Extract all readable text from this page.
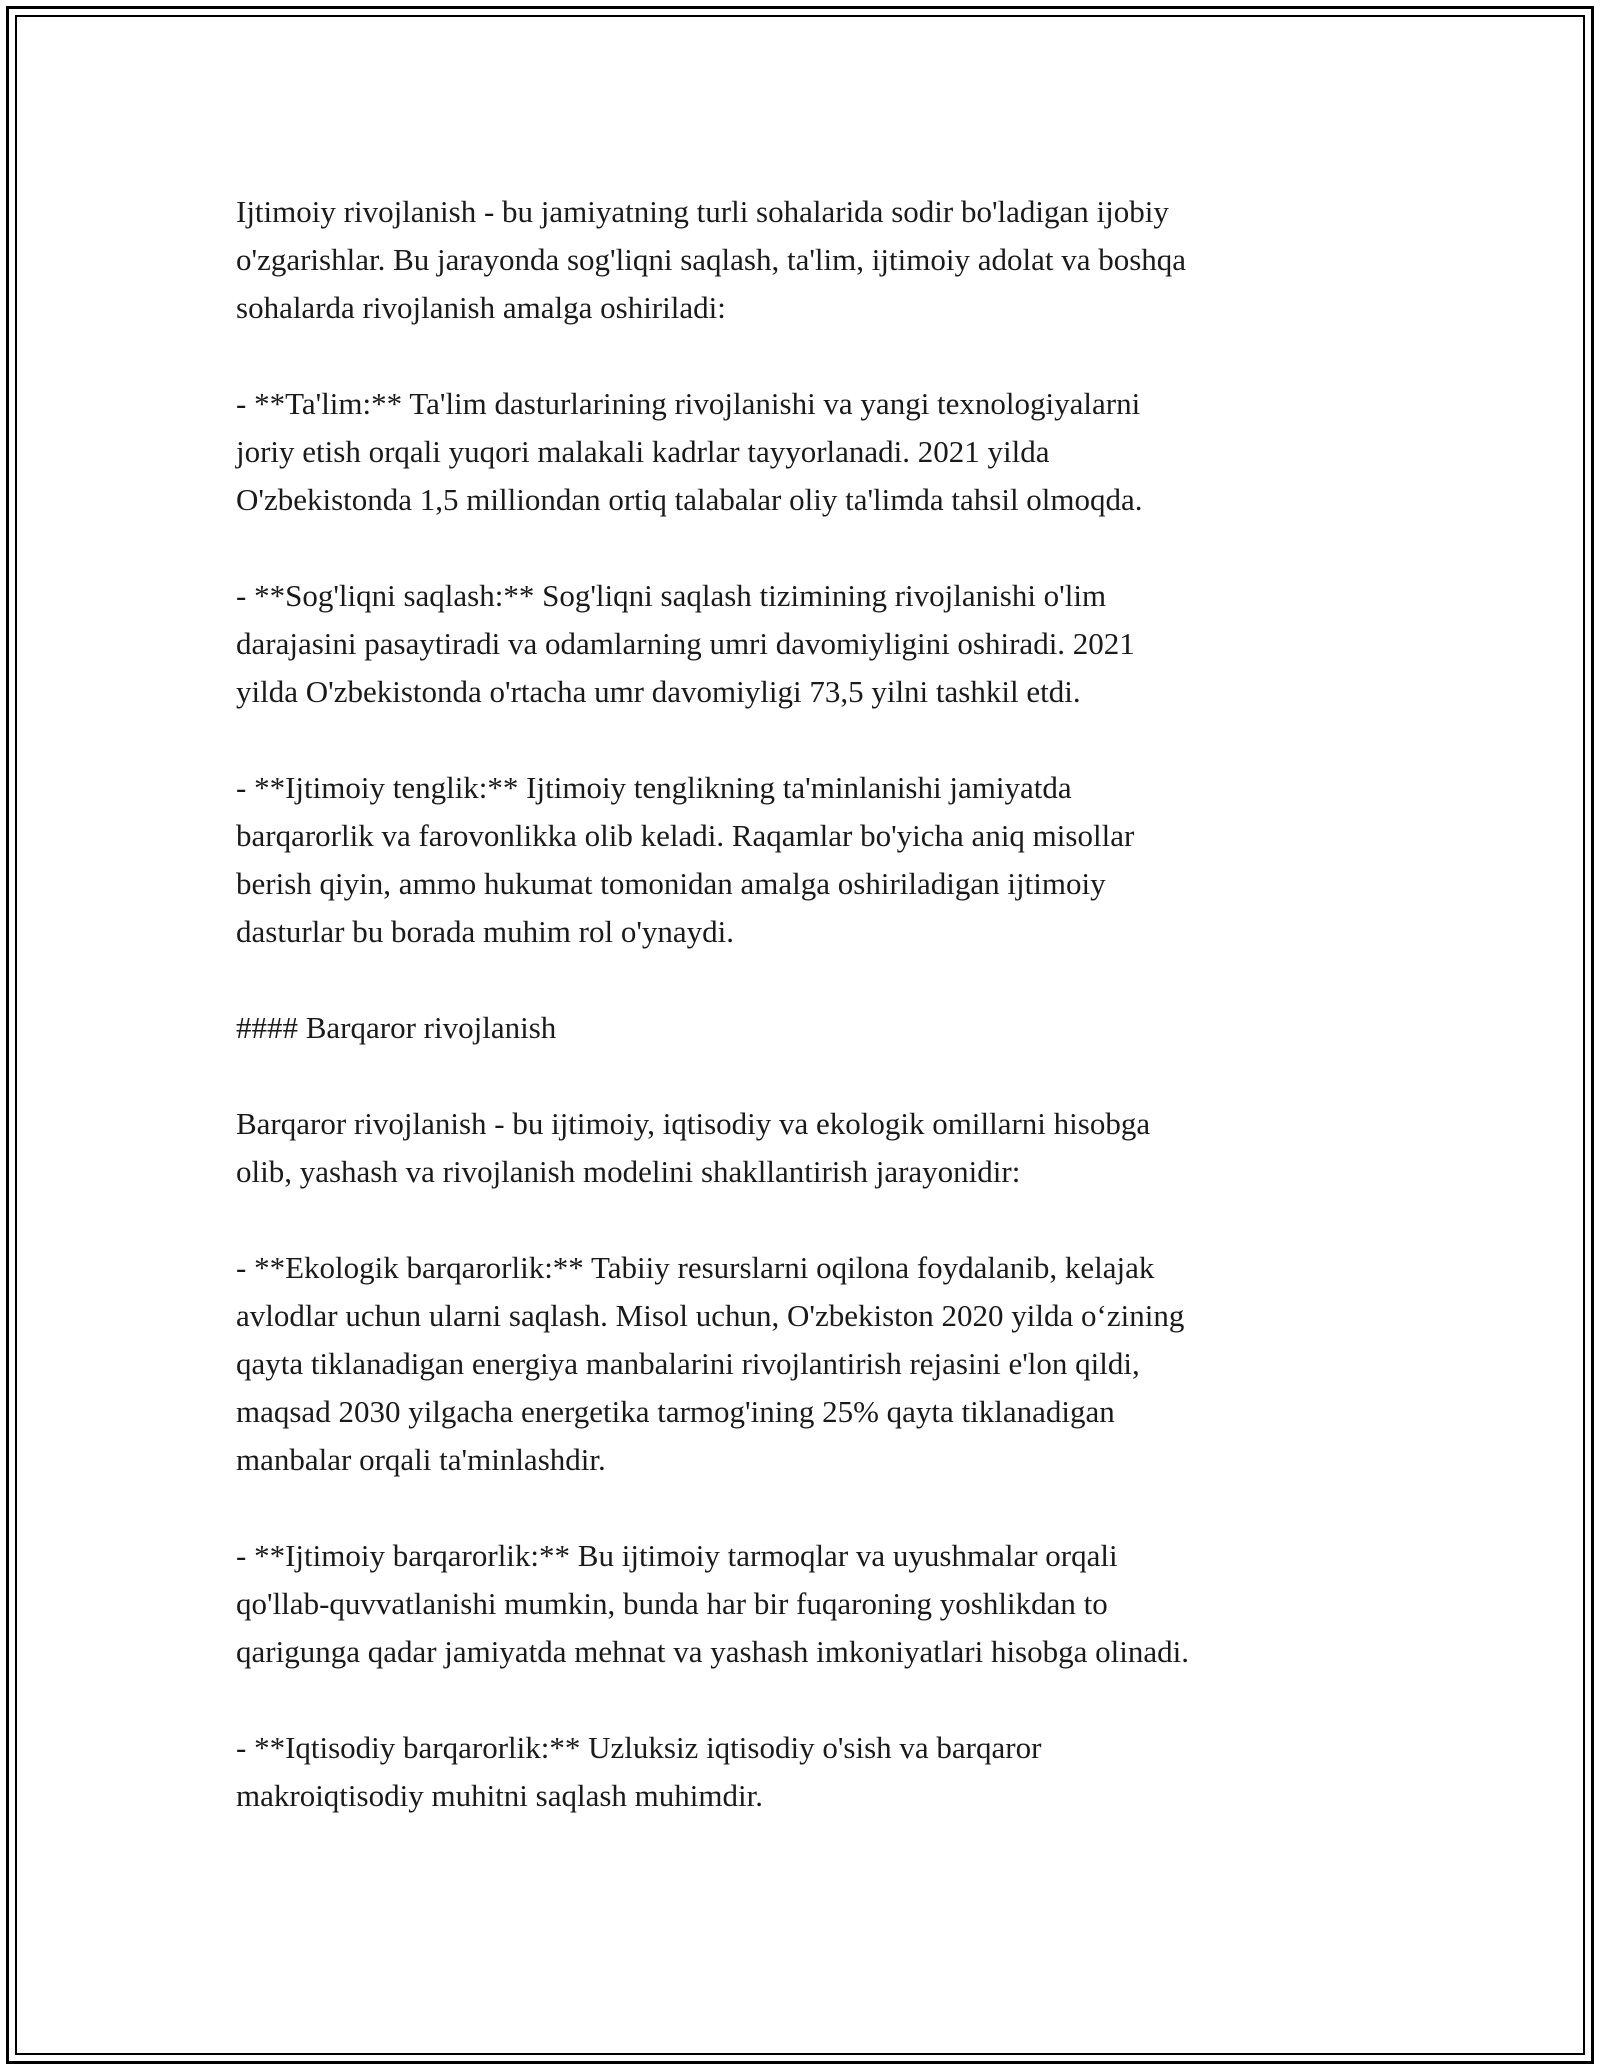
Ijtimoiy rivojlanish - bu jamiyatning turli sohalarida sodir bo'ladigan ijobiy
o'zgarishlar. Bu jarayonda sog'liqni saqlash, ta'lim, ijtimoiy adolat va boshqa
sohalarda rivojlanish amalga oshiriladi:
- **Ta'lim:** Ta'lim dasturlarining rivojlanishi va yangi texnologiyalarni
joriy etish orqali yuqori malakali kadrlar tayyorlanadi. 2021 yilda
O'zbekistonda 1,5 milliondan ortiq talabalar oliy ta'limda tahsil olmoqda.
- **Sog'liqni saqlash:** Sog'liqni saqlash tizimining rivojlanishi o'lim
darajasini pasaytiradi va odamlarning umri davomiyligini oshiradi. 2021
yilda O'zbekistonda o'rtacha umr davomiyligi 73,5 yilni tashkil etdi.
- **Ijtimoiy tenglik:** Ijtimoiy tenglikning ta'minlanishi jamiyatda
barqarorlik va farovonlikka olib keladi. Raqamlar bo'yicha aniq misollar
berish qiyin, ammo hukumat tomonidan amalga oshiriladigan ijtimoiy
dasturlar bu borada muhim rol o'ynaydi.
#### Barqaror rivojlanish
Barqaror rivojlanish - bu ijtimoiy, iqtisodiy va ekologik omillarni hisobga
olib, yashash va rivojlanish modelini shakllantirish jarayonidir:
- **Ekologik barqarorlik:** Tabiiy resurslarni oqilona foydalanib, kelajak
avlodlar uchun ularni saqlash. Misol uchun, O'zbekiston 2020 yilda o‘zining
qayta tiklanadigan energiya manbalarini rivojlantirish rejasini e'lon qildi,
maqsad 2030 yilgacha energetika tarmog'ining 25% qayta tiklanadigan
manbalar orqali ta'minlashdir.
- **Ijtimoiy barqarorlik:** Bu ijtimoiy tarmoqlar va uyushmalar orqali
qo'llab-quvvatlanishi mumkin, bunda har bir fuqaroning yoshlikdan to
qarigunga qadar jamiyatda mehnat va yashash imkoniyatlari hisobga olinadi.
- **Iqtisodiy barqarorlik:** Uzluksiz iqtisodiy o'sish va barqaror
makroiqtisodiy muhitni saqlash muhimdir.
